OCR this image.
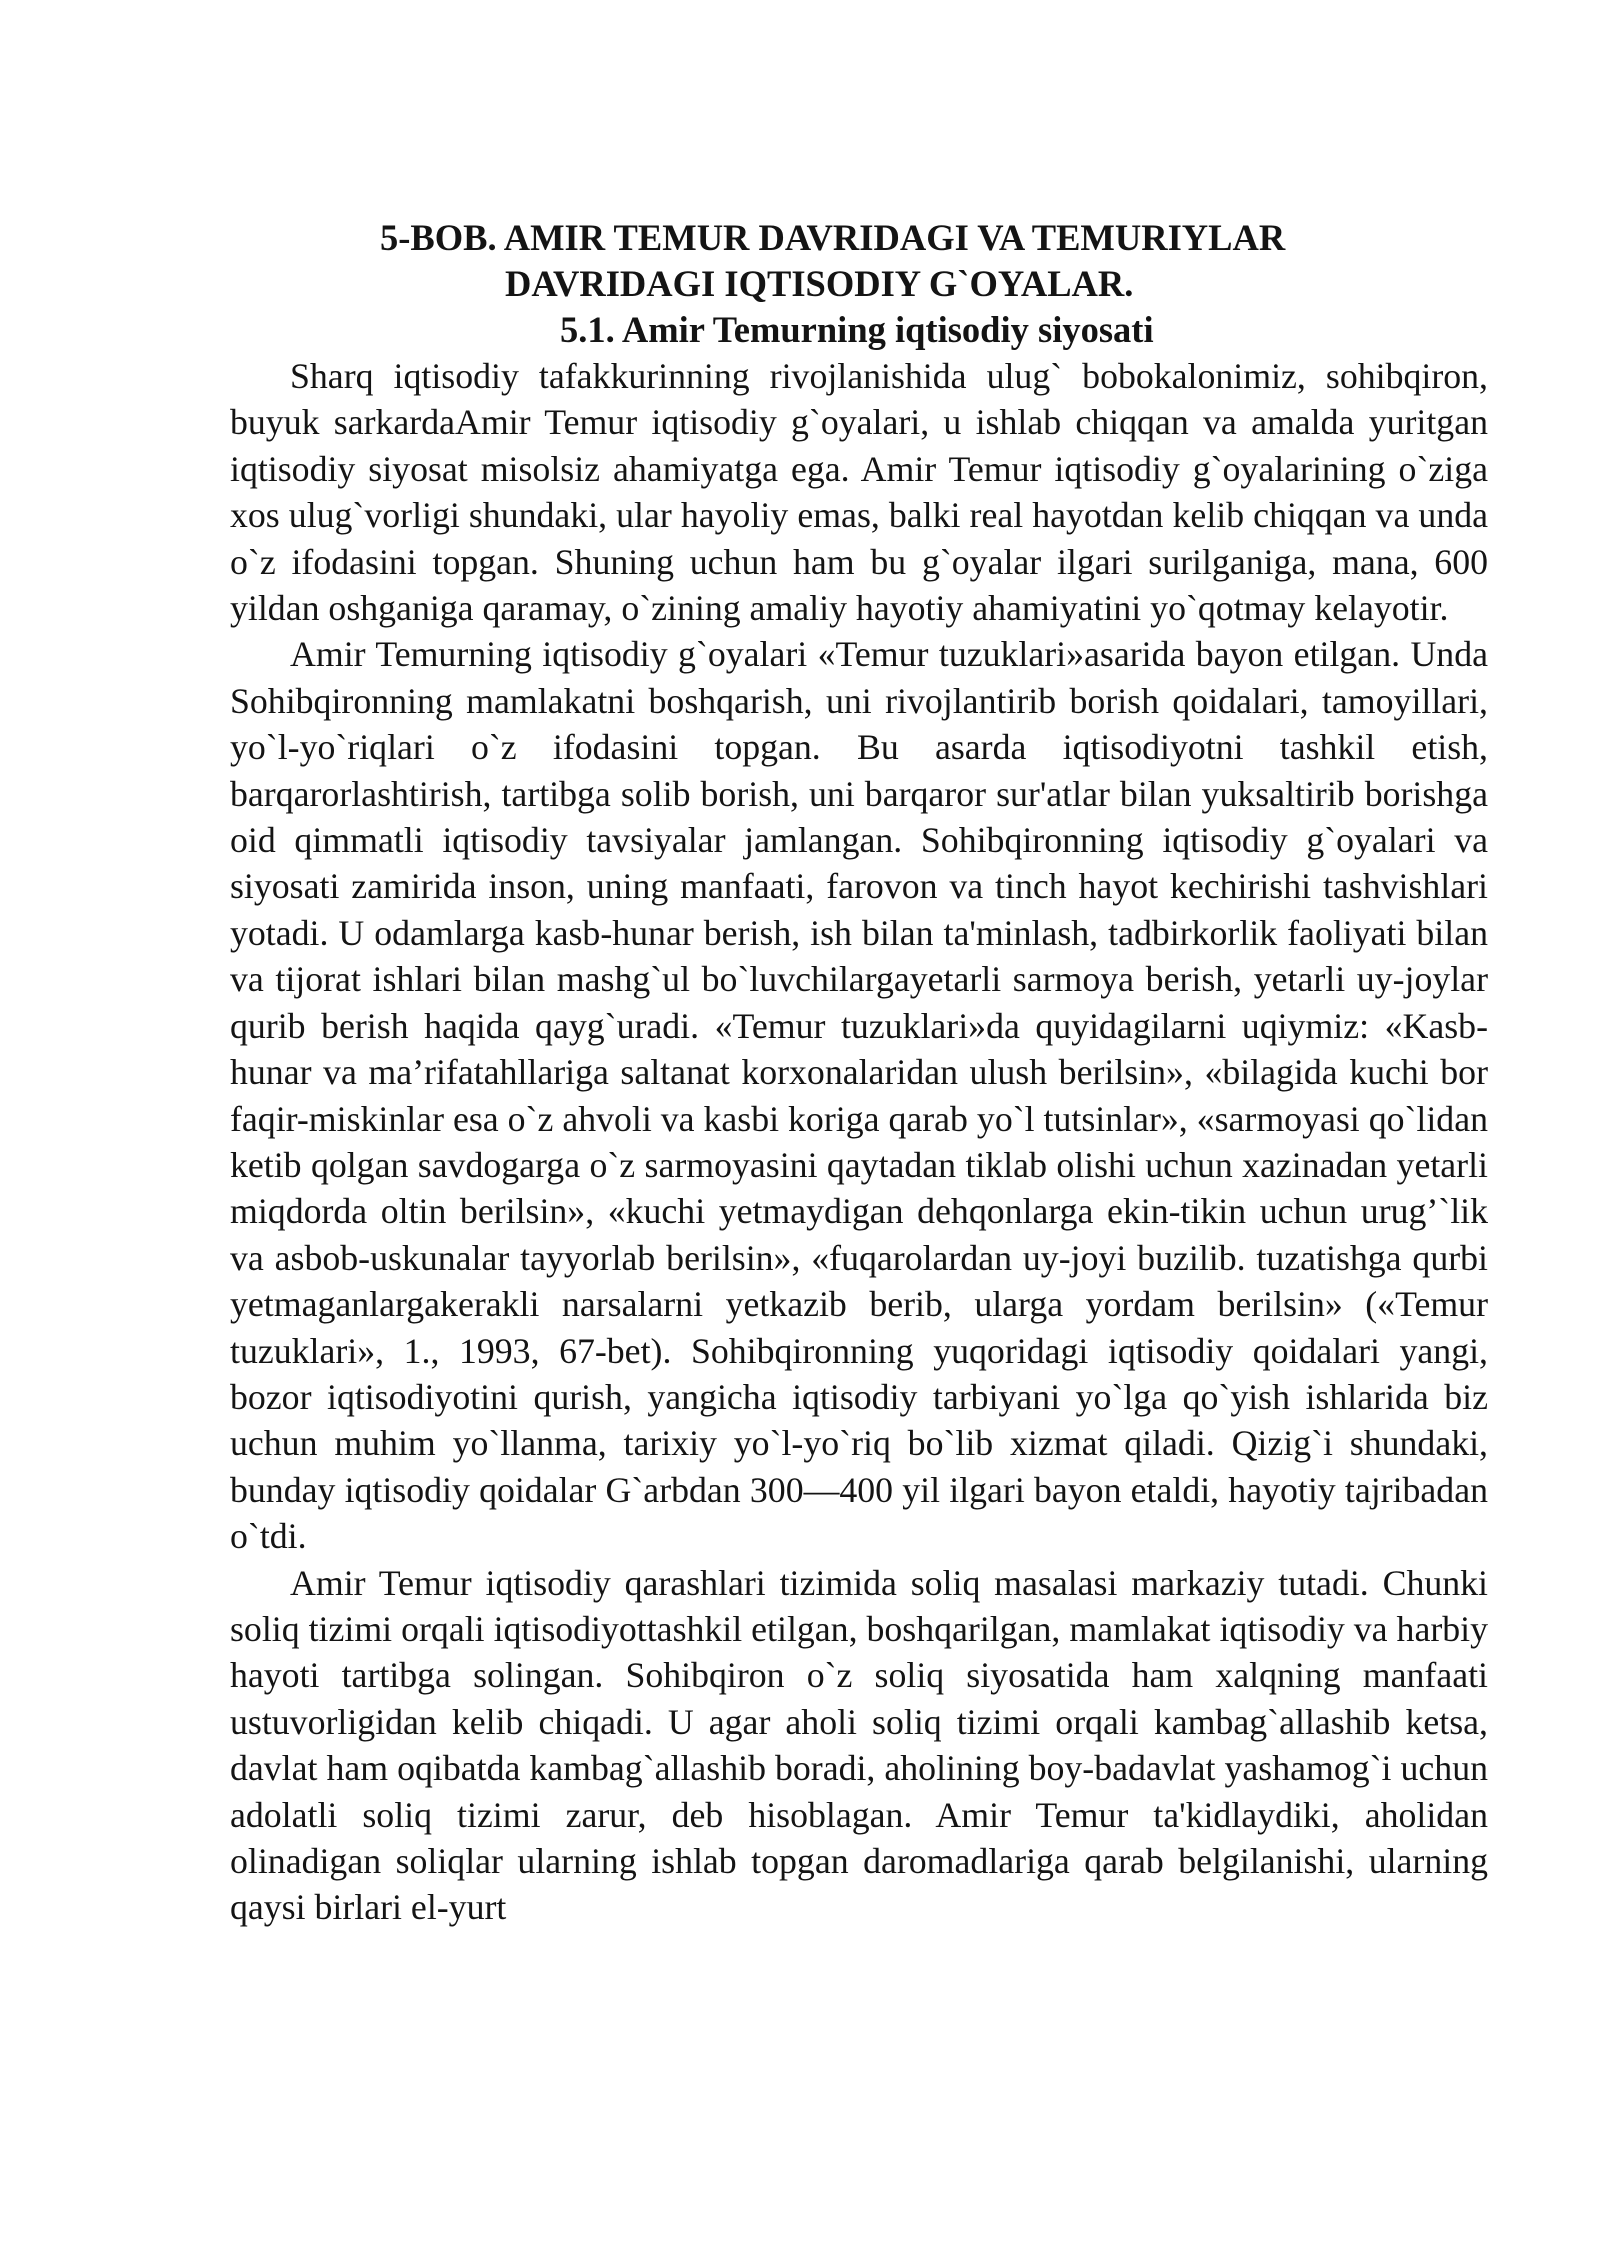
5-BOB. AMIR TEMUR DAVRIDAGI VA TEMURIYLAR
DAVRIDAGI IQTISODIY G`OYALAR.
5.1. Amir Temurning iqtisodiy siyosati

Sharq iqtisodiy tafakkurinning rivojlanishida ulug` bobokalonimiz, sohibqiron, buyuk sarkardaAmir Temur iqtisodiy g`oyalari, u ishlab chiqqan va amalda yuritgan iqtisodiy siyosat misolsiz ahamiyatga ega. Amir Temur iqtisodiy g`oyalarining o`ziga xos ulug`vorligi shundaki, ular hayoliy emas, balki real hayotdan kelib chiqqan va unda o`z ifodasini topgan. Shuning uchun ham bu g`oyalar ilgari surilganiga, mana, 600 yildan oshganiga qaramay, o`zining amaliy hayotiy ahamiyatini yo`qotmay kelayotir.

Amir Temurning iqtisodiy g`oyalari «Temur tuzuklari»asarida bayon etilgan. Unda Sohibqironning mamlakatni boshqarish, uni rivojlantirib borish qoidalari, tamoyillari, yo`l-yo`riqlari o`z ifodasini topgan. Bu asarda iqtisodiyotni tashkil etish, barqarorlashtirish, tartibga solib borish, uni barqaror sur'atlar bilan yuksaltirib borishga oid qimmatli iqtisodiy tavsiyalar jamlangan. Sohibqironning iqtisodiy g`oyalari va siyosati zamirida inson, uning manfaati, farovon va tinch hayot kechirishi tashvishlari yotadi. U odamlarga kasb-hunar berish, ish bilan ta'minlash, tadbirkorlik faoliyati bilan va tijorat ishlari bilan mashg`ul bo`luvchilargayetarli sarmoya berish, yetarli uy-joylar qurib berish haqida qayg`uradi. «Temur tuzuklari»da quyidagilarni uqiymiz: «Kasb-hunar va ma’rifatahllariga saltanat korxonalaridan ulush berilsin», «bilagida kuchi bor faqir-miskinlar esa o`z ahvoli va kasbi koriga qarab yo`l tutsinlar», «sarmoyasi qo`lidan ketib qolgan savdogarga o`z sarmoyasini qaytadan tiklab olishi uchun xazinadan yetarli miqdorda oltin berilsin», «kuchi yetmaydigan dehqonlarga ekin-tikin uchun urug’`lik va asbob-uskunalar tayyorlab berilsin», «fuqarolardan uy-joyi buzilib. tuzatishga qurbi yetmaganlargakerakli narsalarni yetkazib berib, ularga yordam berilsin» («Temur tuzuklari», 1., 1993, 67-bet). Sohibqironning yuqoridagi iqtisodiy qoidalari yangi, bozor iqtisodiyotini qurish, yangicha iqtisodiy tarbiyani yo`lga qo`yish ishlarida biz uchun muhim yo`llanma, tarixiy yo`l-yo`riq bo`lib xizmat qiladi. Qizig`i shundaki, bunday iqtisodiy qoidalar G`arbdan 300—400 yil ilgari bayon etaldi, hayotiy tajribadan o`tdi.

Amir Temur iqtisodiy qarashlari tizimida soliq masalasi markaziy tutadi. Chunki soliq tizimi orqali iqtisodiyottashkil etilgan, boshqarilgan, mamlakat iqtisodiy va harbiy hayoti tartibga solingan. Sohibqiron o`z soliq siyosatida ham xalqning manfaati ustuvorligidan kelib chiqadi. U agar aholi soliq tizimi orqali kambag`allashib ketsa, davlat ham oqibatda kambag`allashib boradi, aholining boy-badavlat yashamog`i uchun adolatli soliq tizimi zarur, deb hisoblagan. Amir Temur ta'kidlaydiki, aholidan olinadigan soliqlar ularning ishlab topgan daromadlariga qarab belgilanishi, ularning qaysi birlari el-yurt
